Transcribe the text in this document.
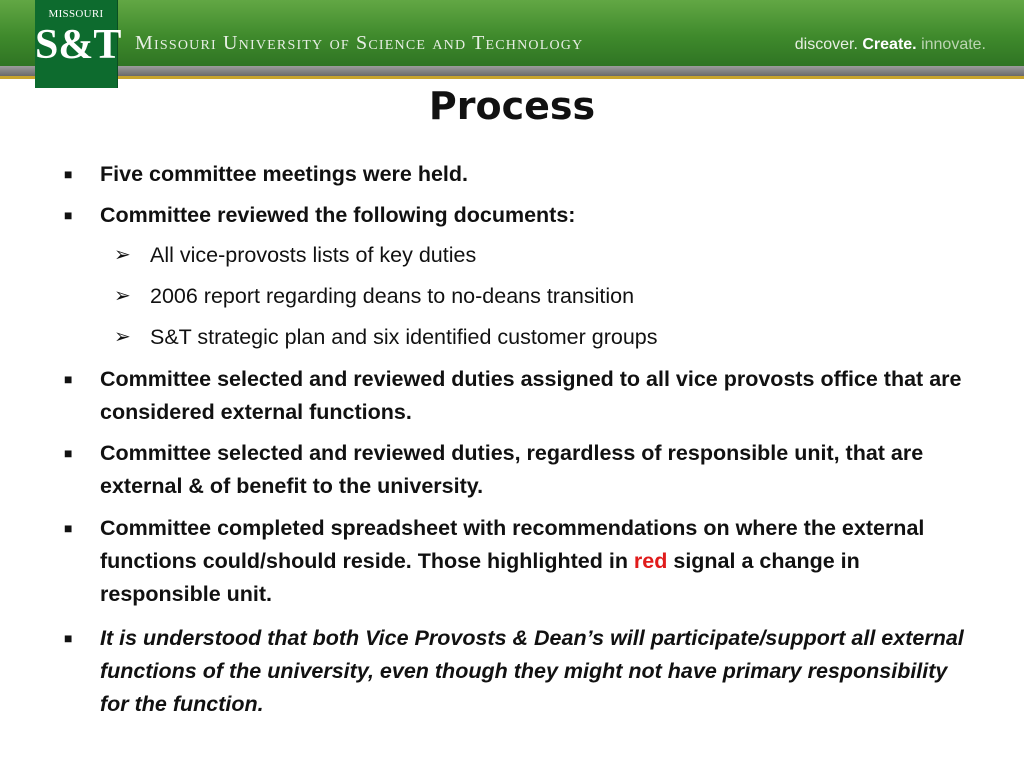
MISSOURI
S&T Missouri University of Science and Technology	discover. Create. innovate.
Process
■ Five committee meetings were held.
■ Committee reviewed the following documents:
➢ All vice-provosts lists of key duties
➢ 2006 report regarding deans to no-deans transition
➢ S&T strategic plan and six identified customer groups
■ Committee selected and reviewed duties assigned to all vice provosts office that are considered external functions.
■ Committee selected and reviewed duties, regardless of responsible unit, that are external & of benefit to the university.
■ Committee completed spreadsheet with recommendations on where the external functions could/should reside. Those highlighted in red signal a change in responsible unit.
■ It is understood that both Vice Provosts & Dean’s will participate/support all external functions of the university, even though they might not have primary responsibility for the function.
